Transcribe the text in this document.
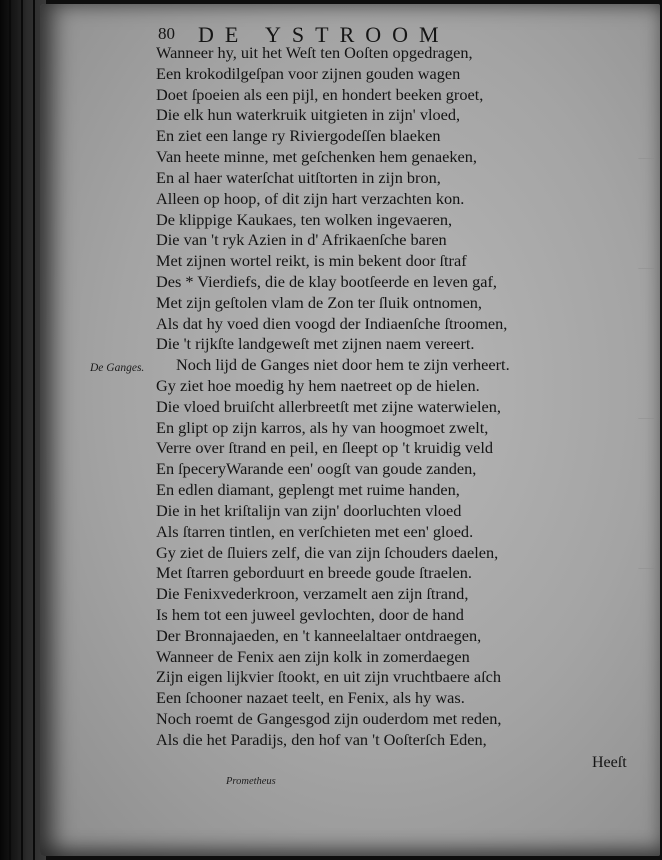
──
──
──
──
80 DE YSTROOM
De Ganges.
Wanneer hy, uit het Weſt ten Ooſten opgedragen,
Een krokodilgeſpan voor zijnen gouden wagen
Doet ſpoeien als een pijl, en hondert beeken groet,
Die elk hun waterkruik uitgieten in zijn' vloed,
En ziet een lange ry Riviergodeſſen blaeken
Van heete minne, met geſchenken hem genaeken,
En al haer waterſchat uitſtorten in zijn bron,
Alleen op hoop, of dit zijn hart verzachten kon.
De klippige Kaukaes, ten wolken ingevaeren,
Die van 't ryk Azien in d' Afrikaenſche baren
Met zijnen wortel reikt, is min bekent door ſtraf
Des * Vierdiefs, die de klay bootſeerde en leven gaf,
Met zijn geſtolen vlam de Zon ter ſluik ontnomen,
Als dat hy voed dien voogd der Indiaenſche ſtroomen,
Die 't rijkſte landgeweſt met zijnen naem vereert.
Noch lijd de Ganges niet door hem te zijn verheert.
Gy ziet hoe moedig hy hem naetreet op de hielen.
Die vloed bruiſcht allerbreetſt met zijne waterwielen,
En glipt op zijn karros, als hy van hoogmoet zwelt,
Verre over ſtrand en peil, en ſleept op 't kruidig veld
En ſpeceryWarande een' oogſt van goude zanden,
En edlen diamant, geplengt met ruime handen,
Die in het kriſtalijn van zijn' doorluchten vloed
Als ſtarren tintlen, en verſchieten met een' gloed.
Gy ziet de ſluiers zelf, die van zijn ſchouders daelen,
Met ſtarren geborduurt en breede goude ſtraelen.
Die Fenixvederkroon, verzamelt aen zijn ſtrand,
Is hem tot een juweel gevlochten, door de hand
Der Bronnajaeden, en 't kanneelaltaer ontdraegen,
Wanneer de Fenix aen zijn kolk in zomerdaegen
Zijn eigen lijkvier ſtookt, en uit zijn vruchtbaere aſch
Een ſchooner nazaet teelt, en Fenix, als hy was.
Noch roemt de Gangesgod zijn ouderdom met reden,
Als die het Paradijs, den hof van 't Ooſterſch Eden,
Prometheus
Heeſt
